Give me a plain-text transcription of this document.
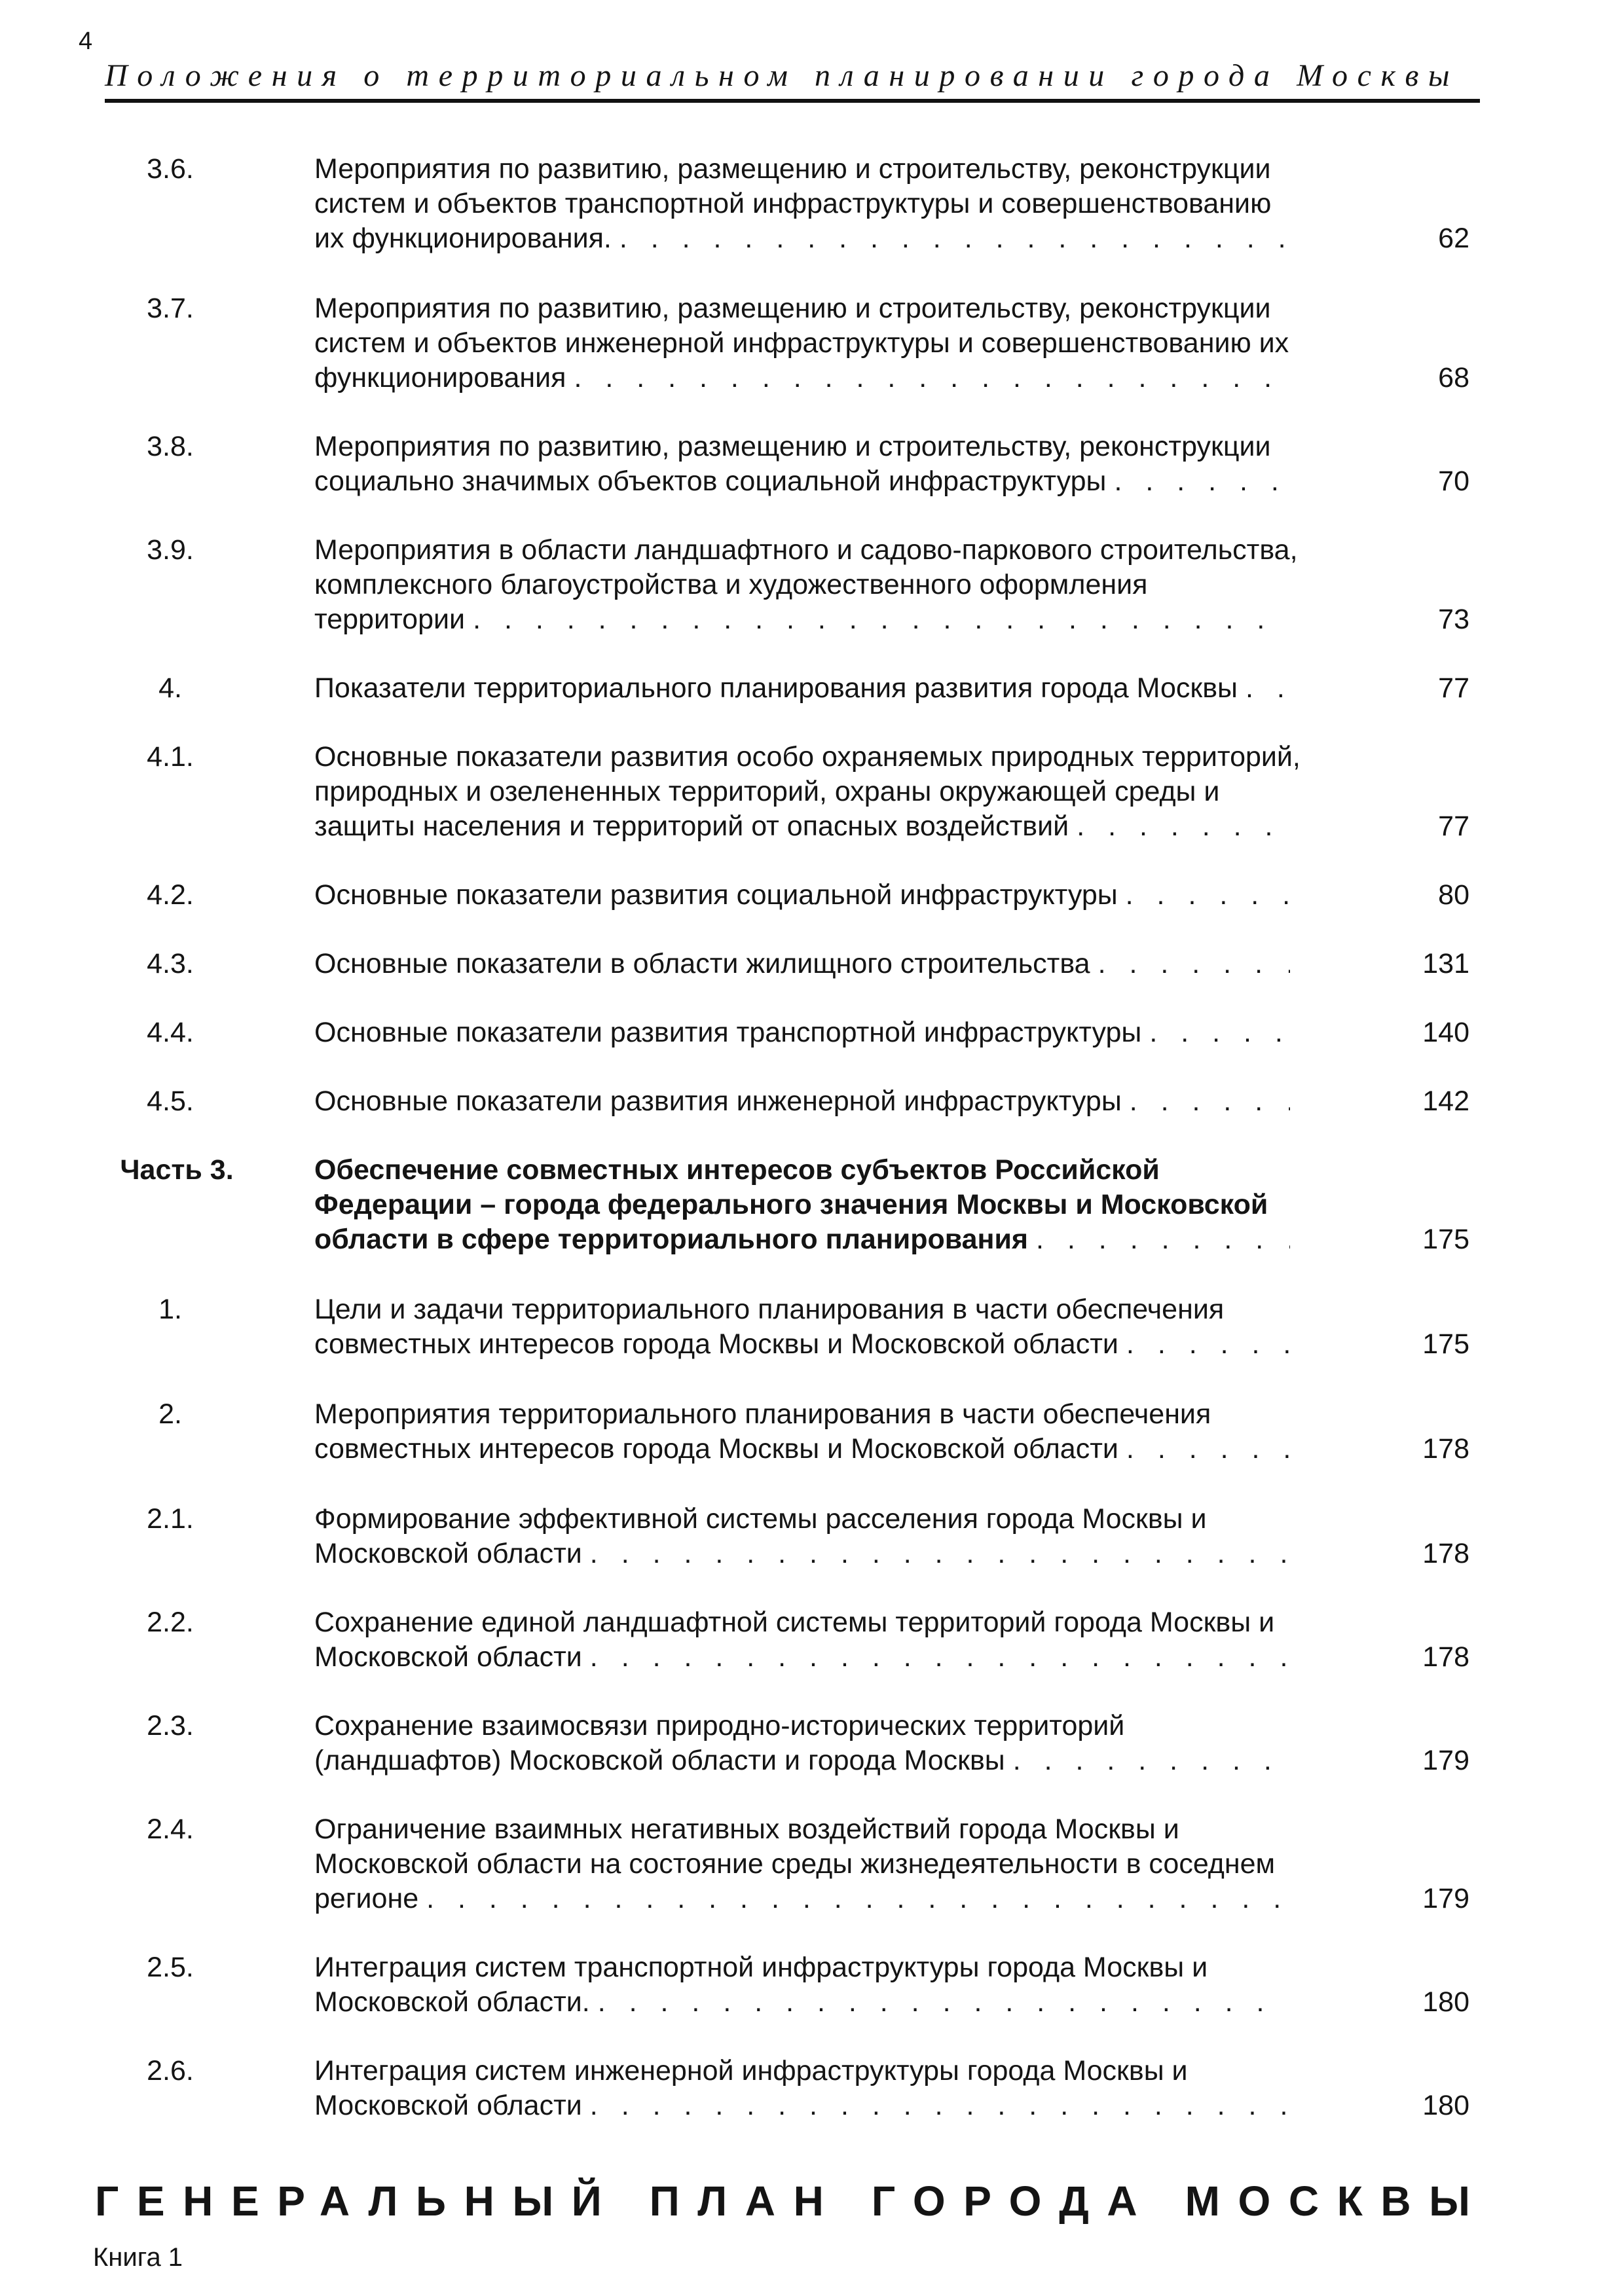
4
Положения о территориальном планировании города Москвы
3.6.	Мероприятия по развитию, размещению и строительству, реконструкции
систем и объектов транспортной инфраструктуры и совершенствованию
их функционирования. . . .	62
3.7.	Мероприятия по развитию, размещению и строительству, реконструкции
систем и объектов инженерной инфраструктуры и совершенствованию их
функционирования . . .	68
3.8.	Мероприятия по развитию, размещению и строительству, реконструкции
социально значимых объектов социальной инфраструктуры . . .	70
3.9.	Мероприятия в области ландшафтного и садово-паркового строительства,
комплексного благоустройства и художественного оформления
территории . . .	73
4.	Показатели территориального планирования развития города Москвы . . .	77
4.1.	Основные показатели развития особо охраняемых природных территорий,
природных и озелененных территорий, охраны окружающей среды и
защиты населения и территорий от опасных воздействий . . .	77
4.2.	Основные показатели развития социальной инфраструктуры . . .	80
4.3.	Основные показатели в области жилищного строительства . . .	131
4.4.	Основные показатели развития транспортной инфраструктуры . . .	140
4.5.	Основные показатели развития инженерной инфраструктуры . . .	142
Часть 3.	Обеспечение совместных интересов субъектов Российской
Федерации – города федерального значения Москвы и Московской
области в сфере территориального планирования . . .	175
1.	Цели и задачи территориального планирования в части обеспечения
совместных интересов города Москвы и Московской области . . .	175
2.	Мероприятия территориального планирования в части обеспечения
совместных интересов города Москвы и Московской области . . .	178
2.1.	Формирование эффективной системы расселения города Москвы и
Московской области . . .	178
2.2.	Сохранение единой ландшафтной системы территорий города Москвы и
Московской области . . .	178
2.3.	Сохранение взаимосвязи природно-исторических территорий
(ландшафтов) Московской области и города Москвы . . .	179
2.4.	Ограничение взаимных негативных воздействий города Москвы и
Московской области на состояние среды жизнедеятельности в соседнем
регионе . . .	179
2.5.	Интеграция систем транспортной инфраструктуры города Москвы и
Московской области. . . .	180
2.6.	Интеграция систем инженерной инфраструктуры города Москвы и
Московской области . . .	180
ГЕНЕРАЛЬНЫЙ ПЛАН ГОРОДА МОСКВЫ
Книга 1
